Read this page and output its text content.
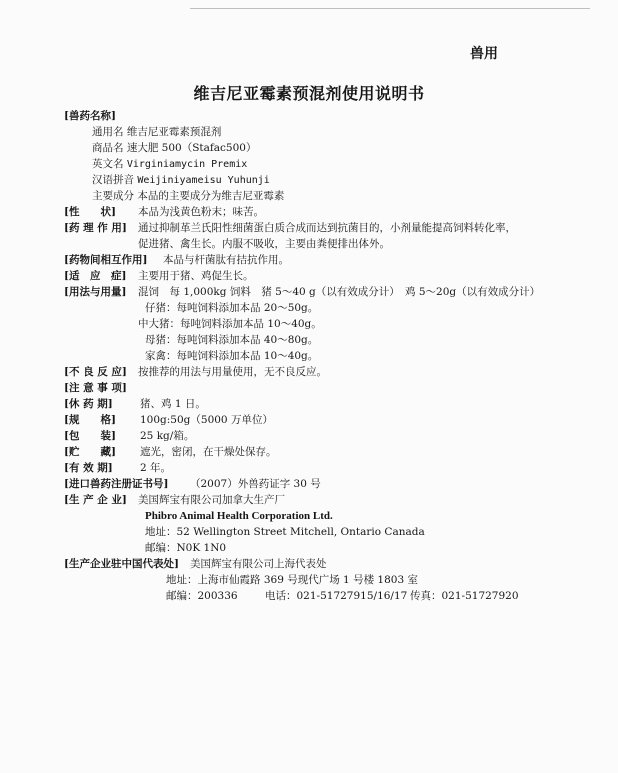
兽用
维吉尼亚霉素预混剂使用说明书
[兽药名称]
通用名 维吉尼亚霉素预混剂
商品名 速大肥 500（Stafac500）
英文名 Virginiamycin Premix
汉语拼音 Weijiniyameisu Yuhunji
主要成分 本品的主要成分为维吉尼亚霉素
[性　　状] 本品为浅黄色粉末；味苦。
[药 理 作 用] 通过抑制革兰氏阳性细菌蛋白质合成而达到抗菌目的，小剂量能提高饲料转化率，
促进猪、禽生长。内服不吸收，主要由粪便排出体外。
[药物间相互作用] 本品与杆菌肽有拮抗作用。
[适　应　症] 主要用于猪、鸡促生长。
[用法与用量] 混饲　每 1,000kg 饲料　猪 5～40 g（以有效成分计） 鸡 5～20g（以有效成分计）
仔猪：每吨饲料添加本品 20～50g。
中大猪：每吨饲料添加本品 10～40g。
母猪：每吨饲料添加本品 40～80g。
家禽：每吨饲料添加本品 10～40g。
[不 良 反 应] 按推荐的用法与用量使用，无不良反应。
[注 意 事 项]
[休 药 期]	猪、鸡 1 日。
[规　　格] 100g:50g（5000 万单位）
[包　　装] 25 kg/箱。
[贮　　藏] 遮光，密闭，在干燥处保存。
[有 效 期]	2 年。
[进口兽药注册证书号] （2007）外兽药证字 30 号
[生 产 企 业] 美国辉宝有限公司加拿大生产厂
Phibro Animal Health Corporation Ltd.
地址：52 Wellington Street Mitchell, Ontario Canada
邮编：N0K 1N0
[生产企业驻中国代表处] 美国辉宝有限公司上海代表处
地址：上海市仙霞路 369 号现代广场 1 号楼 1803 室
邮编：200336	电话：021-51727915/16/17 传真：021-51727920
